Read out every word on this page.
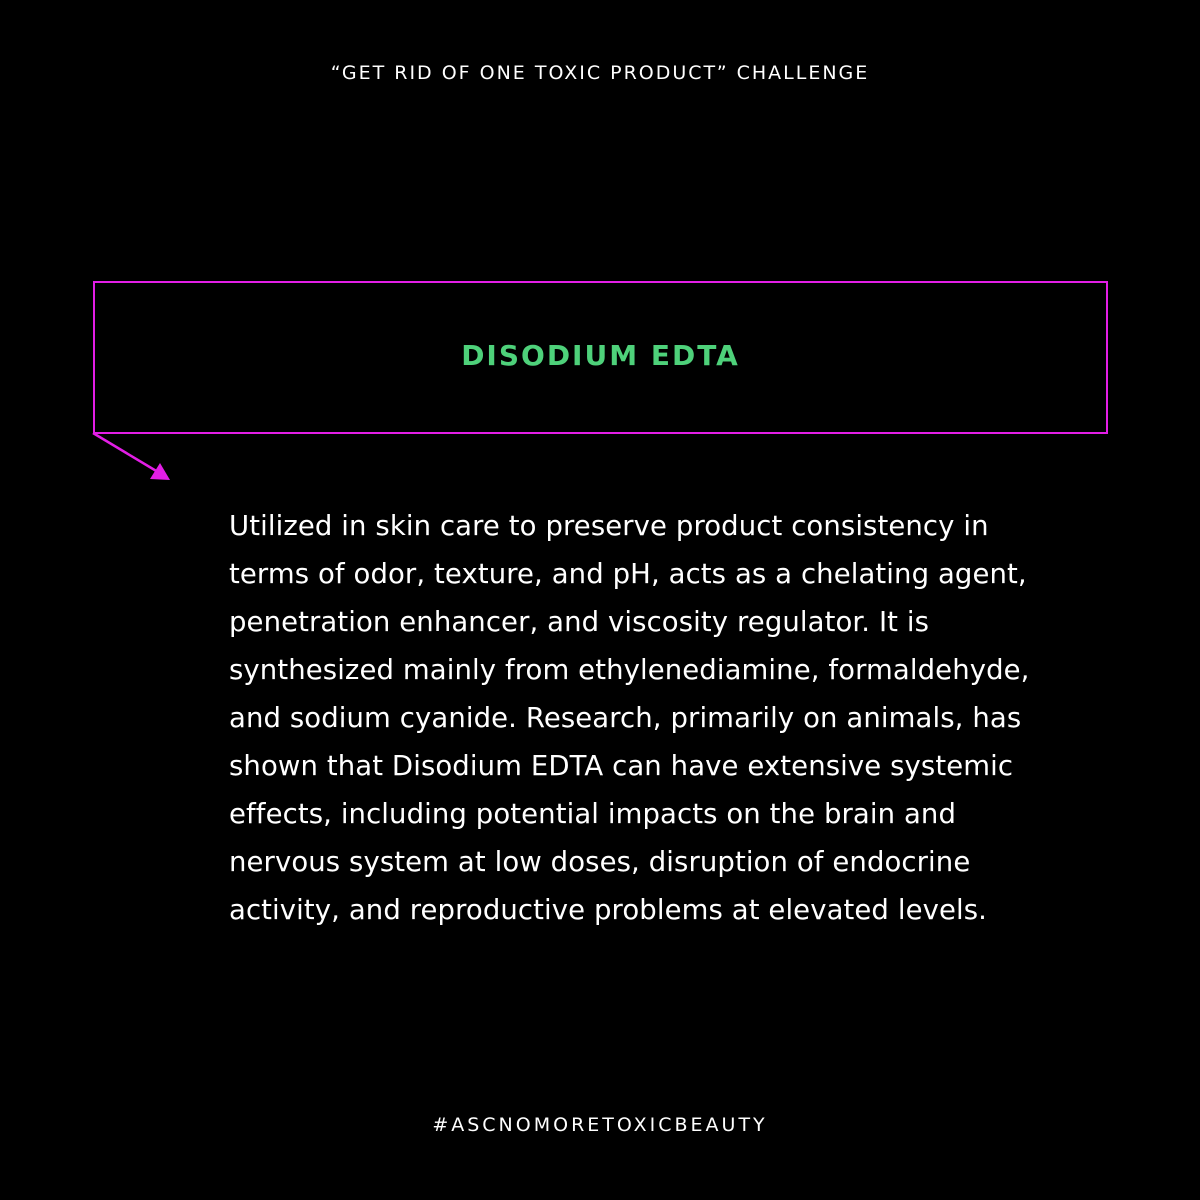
“GET RID OF ONE TOXIC PRODUCT” CHALLENGE
DISODIUM EDTA
Utilized in skin care to preserve product consistency in
terms of odor, texture, and pH, acts as a chelating agent,
penetration enhancer, and viscosity regulator. It is
synthesized mainly from ethylenediamine, formaldehyde,
and sodium cyanide. Research, primarily on animals, has
shown that Disodium EDTA can have extensive systemic
effects, including potential impacts on the brain and
nervous system at low doses, disruption of endocrine
activity, and reproductive problems at elevated levels.
#ASCNOMORETOXICBEAUTY
